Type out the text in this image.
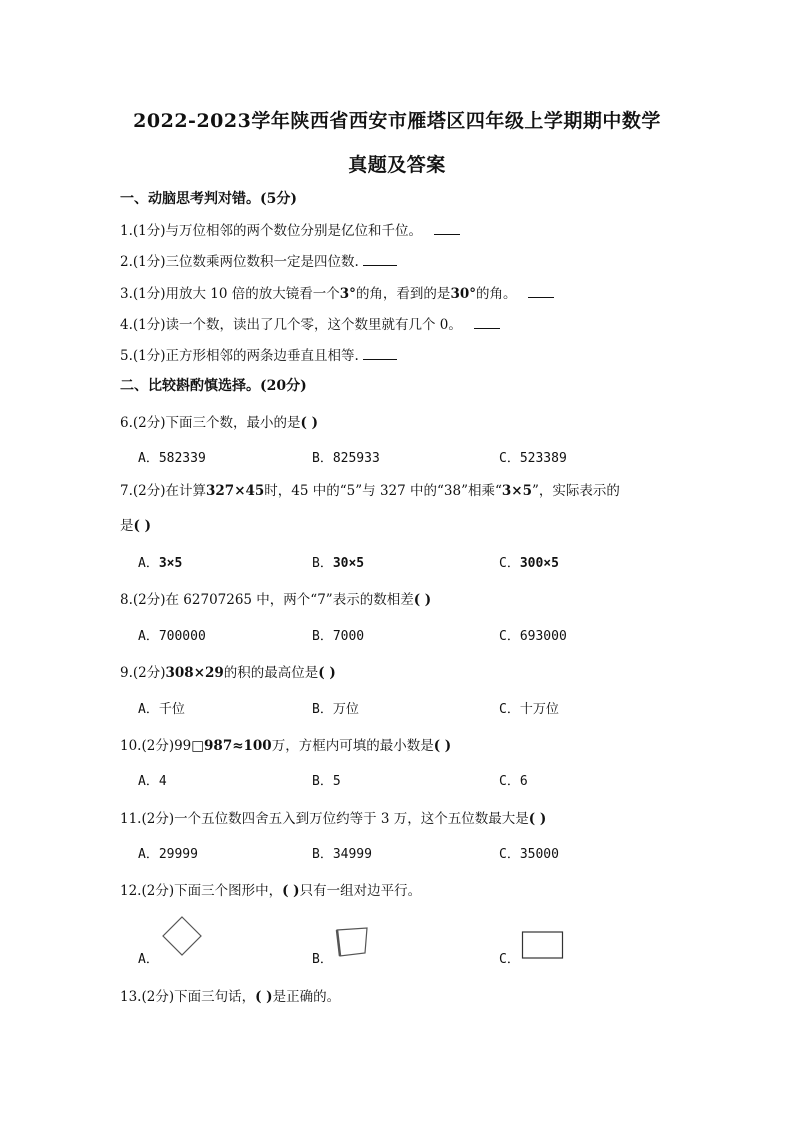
2022-2023学年陕西省西安市雁塔区四年级上学期期中数学
真题及答案
一、动脑思考判对错。(5分)
1.(1分)与万位相邻的两个数位分别是亿位和千位。
2.(1分)三位数乘两位数积一定是四位数.
3.(1分)用放大 10 倍的放大镜看一个3°的角，看到的是30°的角。
4.(1分)读一个数，读出了几个零，这个数里就有几个 0。
5.(1分)正方形相邻的两条边垂直且相等.
二、比较斟酌慎选择。(20分)
6.(2分)下面三个数，最小的是( )
A．582339	B．825933	C．523389
7.(2分)在计算327×45时，45 中的“5”与 327 中的“38”相乘“3×5”，实际表示的
是( )
A．3×5	B．30×5	C．300×5
8.(2分)在 62707265 中，两个“7”表示的数相差( )
A．700000	B．7000	C．693000
9.(2分)308×29的积的最高位是( )
A．千位	B．万位	C．十万位
10.(2分)99□987≈100万，方框内可填的最小数是( )
A．4	B．5	C．6
11.(2分)一个五位数四舍五入到万位约等于 3 万，这个五位数最大是( )
A．29999	B．34999	C．35000
12.(2分)下面三个图形中，( )只有一组对边平行。
A．	B．	C．
13.(2分)下面三句话，( )是正确的。
